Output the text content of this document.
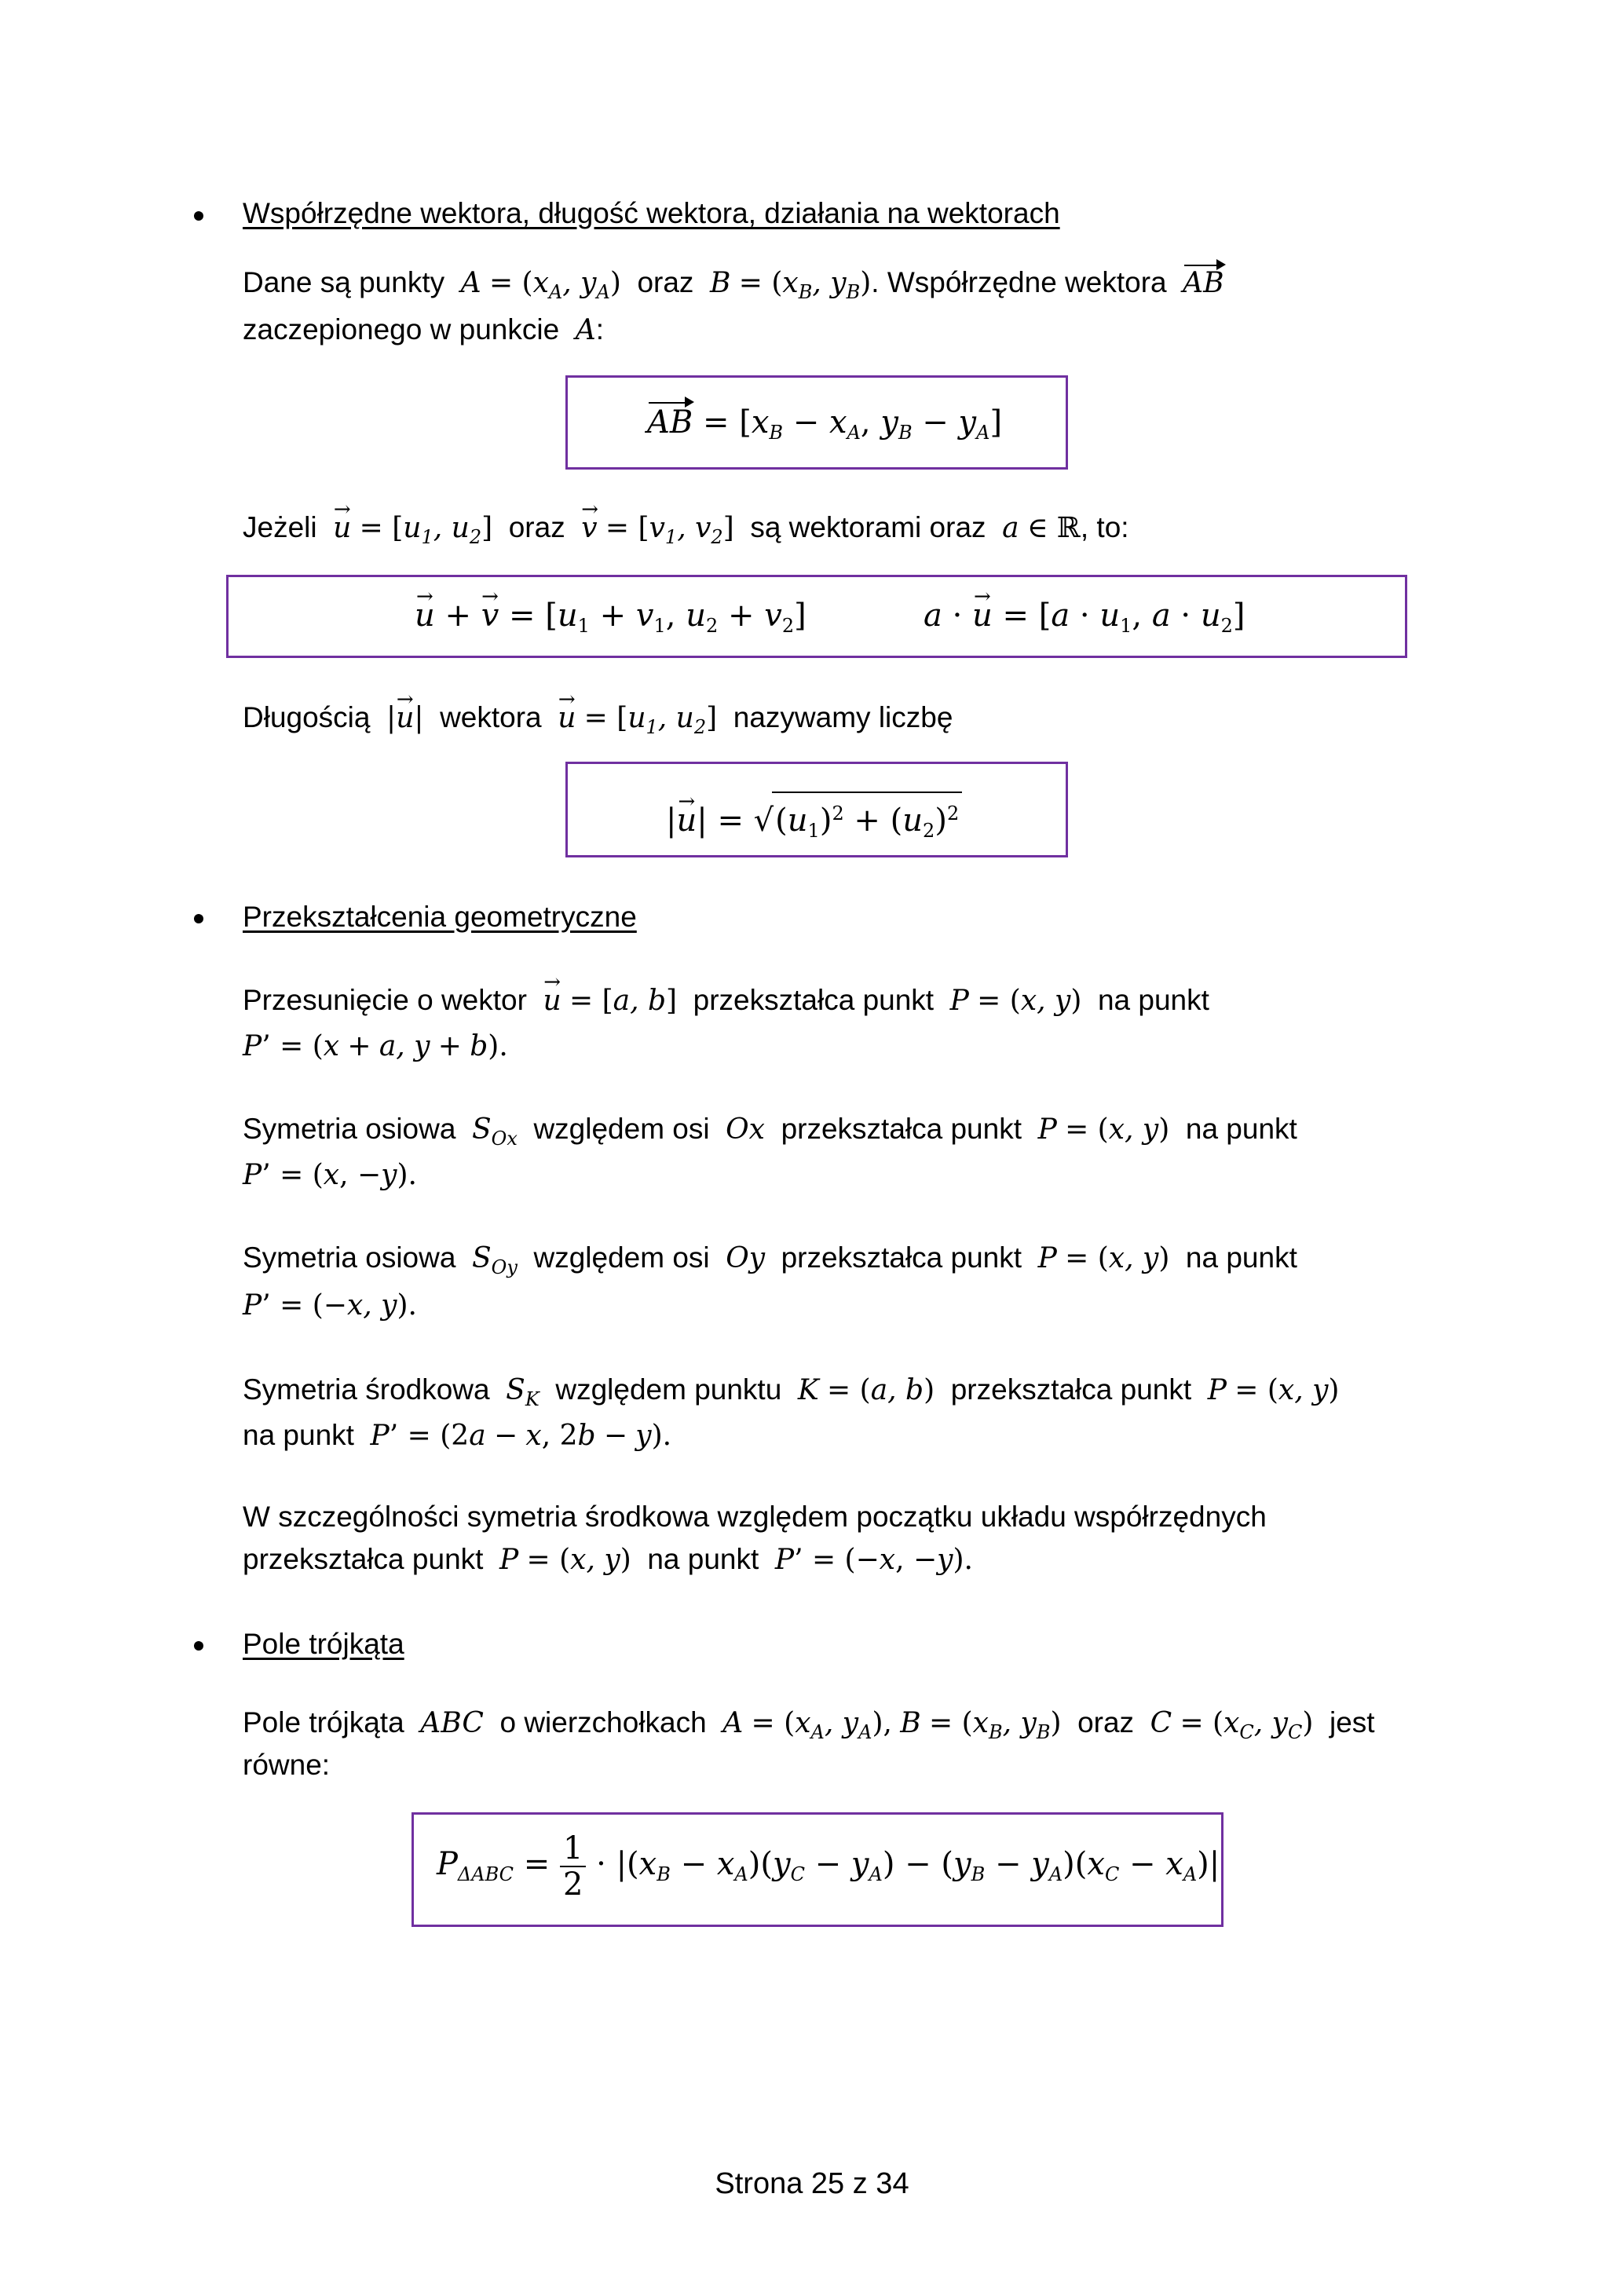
Współrzędne wektora, długość wektora, działania na wektorach
Dane są punkty $A = (x_A$, $y_A$) oraz $B = (x_B$, $y_B$). Współrzędne wektora AB
zaczepionego w punkcie A:
AB = [$x_B - x_A$, $y_B - y_A$]
Jeżeli → $u = [u_1$, $u_2$] oraz → $v = [v_1$, $v_2$] są wektorami oraz a ∈ ℝ, to:
→ u + → $v = [u_1 + v_1$, $u_2 + v_2$]	a · → $u = [a \cdot u_1$, $a \cdot u_2$]
Długością |→ u| wektora → $u = [u_1$, $u_2$] nazywamy liczbę
|→ $u| = √(u_1)^2 + (u_2)^2$
Przekształcenia geometryczne
Przesunięcie o wektor → u = [a, b] przekształca punkt P = (x, y) na punkt
P’ = (x + a, y + b).
Symetria osiowa $S_{Ox}$ względem osi Ox przekształca punkt P = (x, y) na punkt
P’ = (x, −y).
Symetria osiowa $S_{Oy}$ względem osi Oy przekształca punkt P = (x, y) na punkt
P’ = (−x, y).
Symetria środkowa $S_K$ względem punktu K = (a, b) przekształca punkt P = (x, y)
na punkt P’ = (2a − x, 2b − y).
W szczególności symetria środkowa względem początku układu współrzędnych
przekształca punkt P = (x, y) na punkt P’ = (−x, −y).
Pole trójkąta
Pole trójkąta ABC o wierzchołkach $A = (x_A$, $y_A$), $B = (x_B$, $y_B$) oraz $C = (x_C$, $y_C$) jest
równe:
$P_{\Delta ABC} = \frac{1}{2} \cdot |(x_B - x_A)(y_C - y_A) - (y_B - y_A)(x_C - x_A)|$
Strona 25 z 34
